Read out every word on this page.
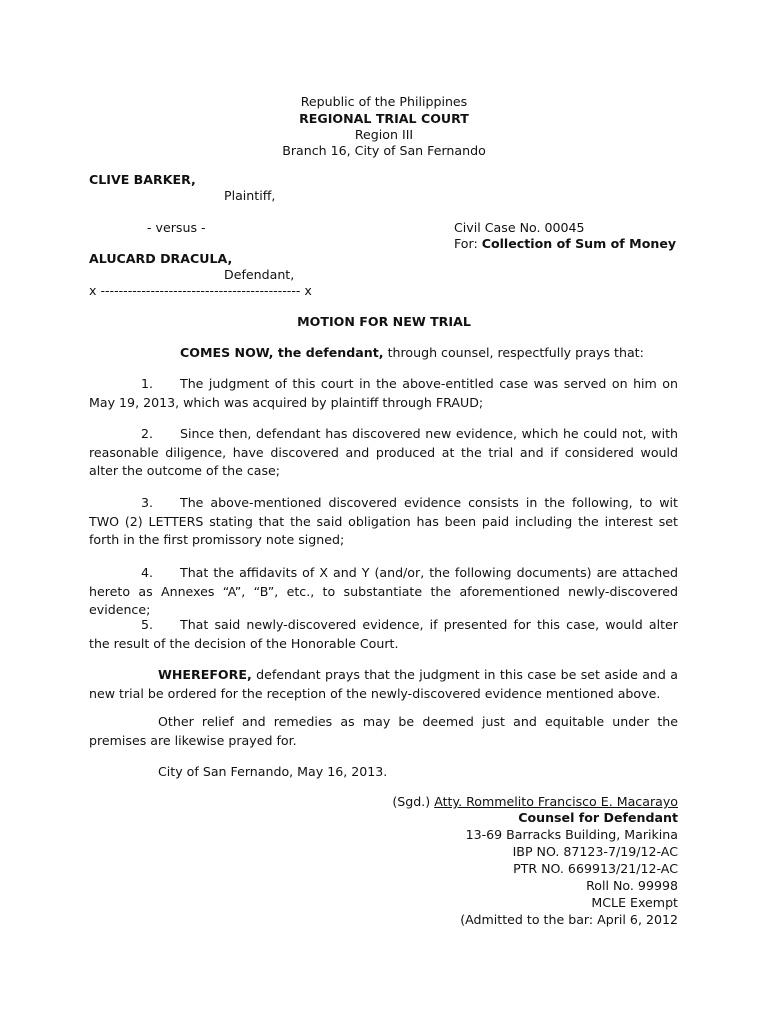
Republic of the Philippines
REGIONAL TRIAL COURT
Region III
Branch 16, City of San Fernando
CLIVE BARKER,
Plaintiff,
- versus -	Civil Case No. 00045
For: Collection of Sum of Money
ALUCARD DRACULA,
Defendant,
x -------------------------------------------- x
MOTION FOR NEW TRIAL
COMES NOW, the defendant, through counsel, respectfully prays that:
1. The judgment of this court in the above-entitled case was served on him on May 19, 2013, which was acquired by plaintiff through FRAUD;
2. Since then, defendant has discovered new evidence, which he could not, with reasonable diligence, have discovered and produced at the trial and if considered would alter the outcome of the case;
3. The above-mentioned discovered evidence consists in the following, to wit TWO (2) LETTERS stating that the said obligation has been paid including the interest set forth in the first promissory note signed;
4. That the affidavits of X and Y (and/or, the following documents) are attached hereto as Annexes “A”, “B”, etc., to substantiate the aforementioned newly-discovered evidence;
5. That said newly-discovered evidence, if presented for this case, would alter the result of the decision of the Honorable Court.
WHEREFORE, defendant prays that the judgment in this case be set aside and a new trial be ordered for the reception of the newly-discovered evidence mentioned above.
Other relief and remedies as may be deemed just and equitable under the premises are likewise prayed for.
City of San Fernando, May 16, 2013.
(Sgd.) Atty. Rommelito Francisco E. Macarayo
Counsel for Defendant
13-69 Barracks Building, Marikina
IBP NO. 87123-7/19/12-AC
PTR NO. 669913/21/12-AC
Roll No. 99998
MCLE Exempt
(Admitted to the bar: April 6, 2012
